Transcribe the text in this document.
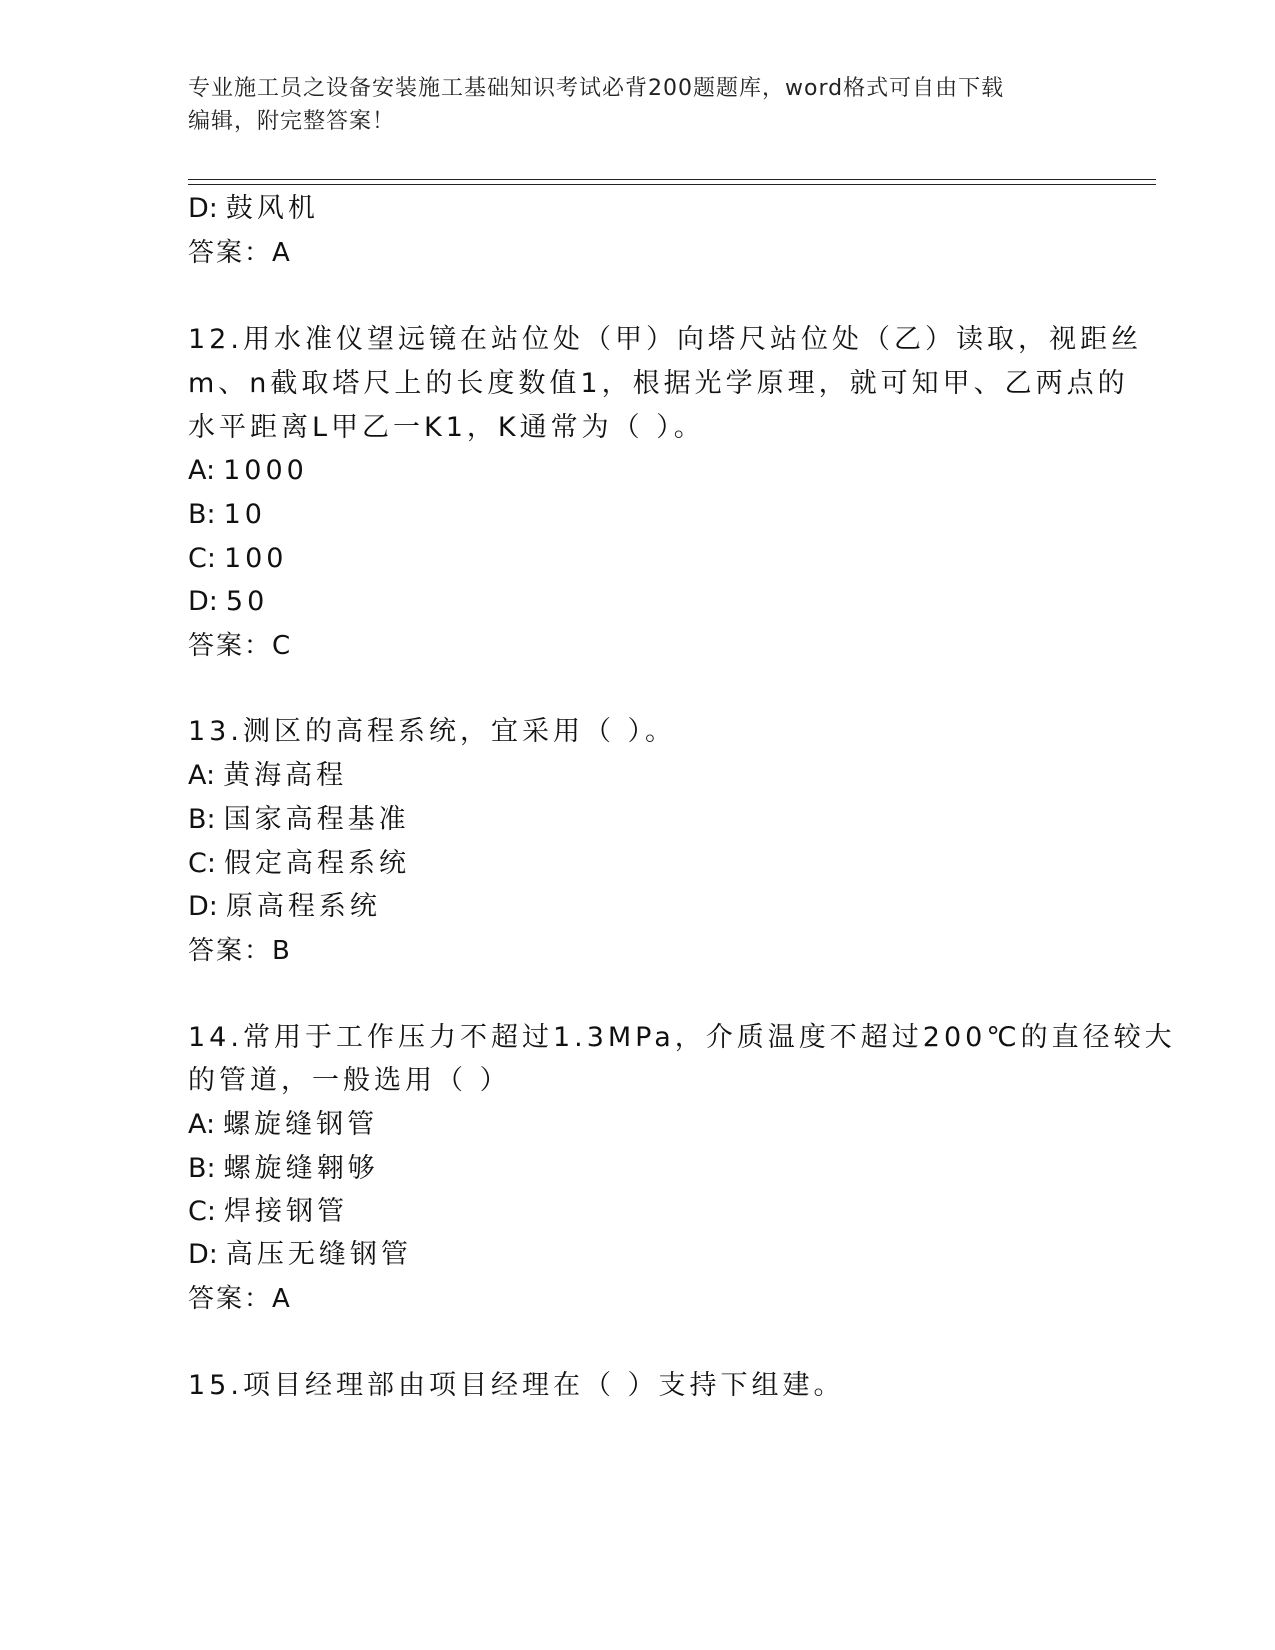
专业施工员之设备安装施工基础知识考试必背200题题库，word格式可自由下载
编辑，附完整答案！
D: 鼓风机
答案：A
12.用水准仪望远镜在站位处（甲）向塔尺站位处（乙）读取，视距丝
m、n截取塔尺上的长度数值1，根据光学原理，就可知甲、乙两点的
水平距离L甲乙一K1，K通常为（ ）。
A: 1000
B: 10
C: 100
D: 50
答案：C
13.测区的高程系统，宜采用（ ）。
A: 黄海高程
B: 国家高程基准
C: 假定高程系统
D: 原高程系统
答案：B
14.常用于工作压力不超过1.3MPa，介质温度不超过200℃的直径较大
的管道，一般选用（ ）
A: 螺旋缝钢管
B: 螺旋缝翱够
C: 焊接钢管
D: 高压无缝钢管
答案：A
15.项目经理部由项目经理在（ ）支持下组建。
